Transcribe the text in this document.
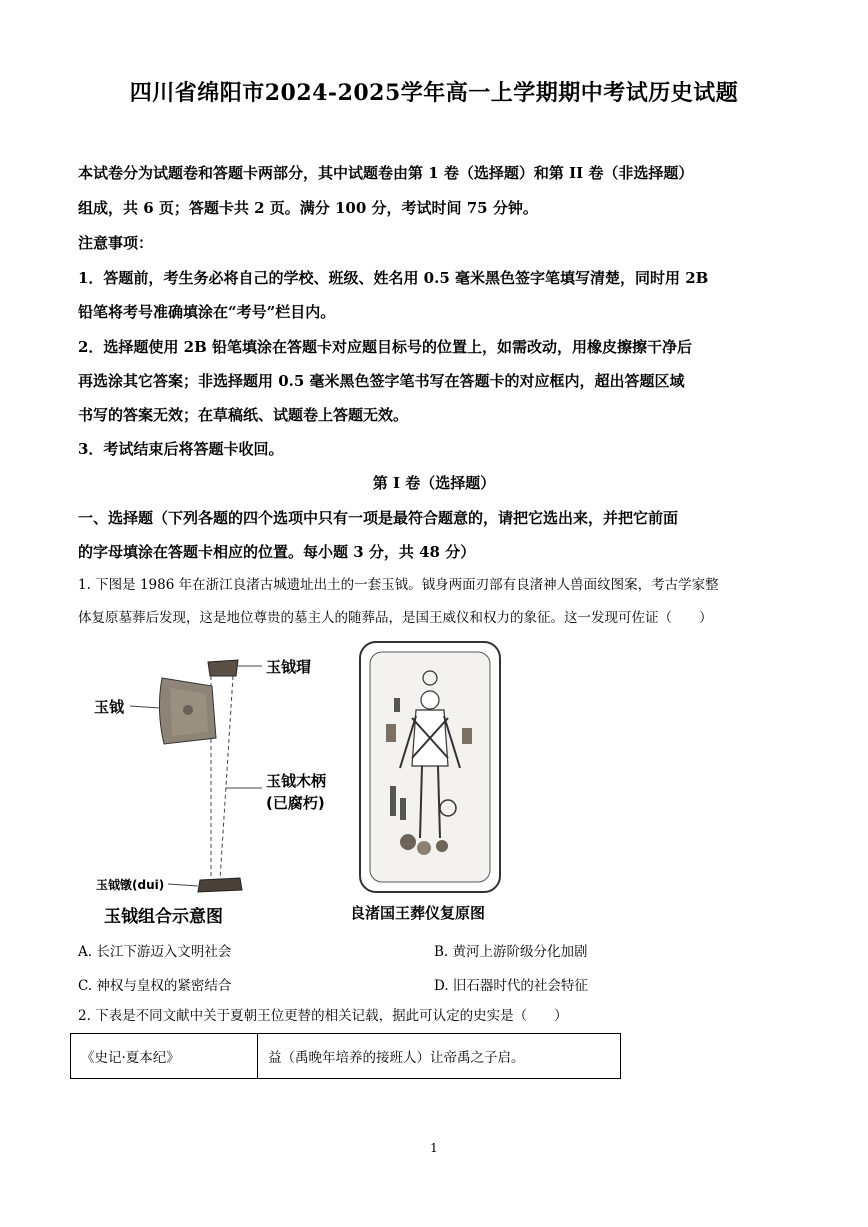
四川省绵阳市2024-2025学年高一上学期期中考试历史试题
本试卷分为试题卷和答题卡两部分，其中试题卷由第 1 卷（选择题）和第 II 卷（非选择题）
组成，共 6 页；答题卡共 2 页。满分 100 分，考试时间 75 分钟。
注意事项：
1．答题前，考生务必将自己的学校、班级、姓名用 0.5 毫米黑色签字笔填写清楚，同时用 2B
铅笔将考号准确填涂在“考号”栏目内。
2．选择题使用 2B 铅笔填涂在答题卡对应题目标号的位置上，如需改动，用橡皮擦擦干净后
再选涂其它答案；非选择题用 0.5 毫米黑色签字笔书写在答题卡的对应框内，超出答题区域
书写的答案无效；在草稿纸、试题卷上答题无效。
3．考试结束后将答题卡收回。
第 I 卷（选择题）
一、选择题（下列各题的四个选项中只有一项是最符合题意的，请把它选出来，并把它前面
的字母填涂在答题卡相应的位置。每小题 3 分，共 48 分）
1. 下图是 1986 年在浙江良渚古城遗址出土的一套玉钺。钺身两面刃部有良渚神人兽面纹图案，考古学家整
体复原墓葬后发现，这是地位尊贵的墓主人的随葬品，是国王威仪和权力的象征。这一发现可佐证（　　）
玉钺瑁
玉钺
玉钺木柄
(已腐朽)
玉钺镦(dui)
玉钺组合示意图	良渚国王葬仪复原图
A. 长江下游迈入文明社会	B. 黄河上游阶级分化加剧
C. 神权与皇权的紧密结合	D. 旧石器时代的社会特征
2. 下表是不同文献中关于夏朝王位更替的相关记载，据此可认定的史实是（　　）
《史记·夏本纪》	益（禹晚年培养的接班人）让帝禹之子启。
1
